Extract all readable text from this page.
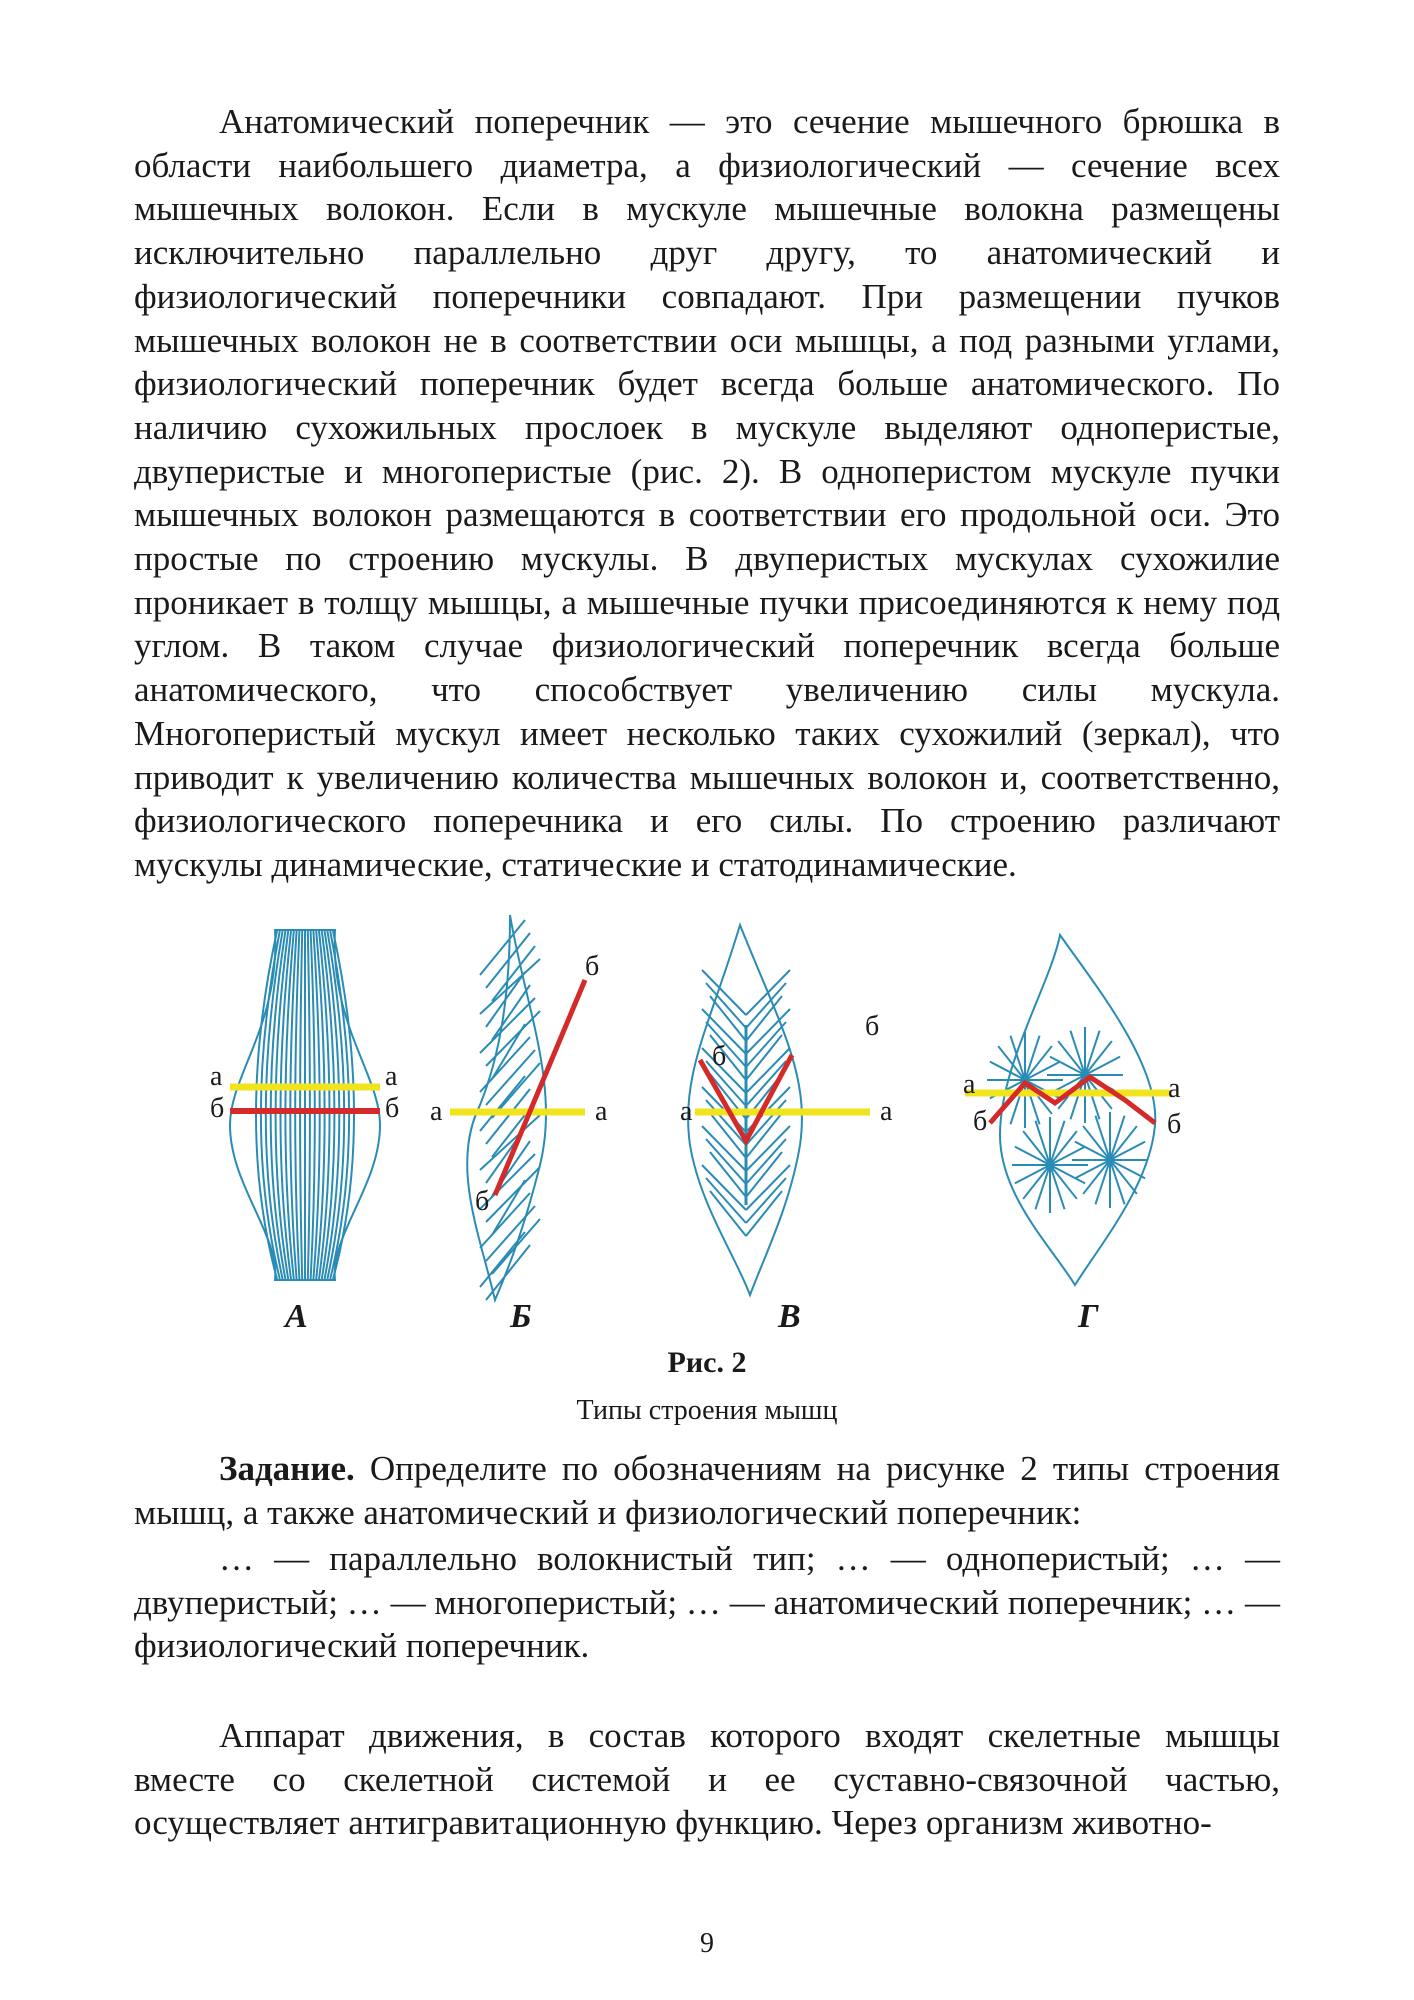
Анатомический поперечник — это сечение мышечного брюшка в области наибольшего диаметра, а физиологический — сечение всех мышечных волокон. Если в мускуле мышечные волокна размещены исключительно параллельно друг другу, то анатомический и физиологический поперечники совпадают. При размещении пучков мышечных волокон не в соответствии оси мышцы, а под разными углами, физиологический поперечник будет всегда больше анатомического. По наличию сухожильных прослоек в мускуле выделяют одноперистые, двуперистые и многоперистые (рис. 2). В одноперистом мускуле пучки мышечных волокон размещаются в соответствии его продольной оси. Это простые по строению мускулы. В двуперистых мускулах сухожилие проникает в толщу мышцы, а мышечные пучки присоединяются к нему под углом. В таком случае физиологический поперечник всегда больше анатомического, что способствует увеличению силы мускула. Многоперистый мускул имеет несколько таких сухожилий (зеркал), что приводит к увеличению количества мышечных волокон и, соответственно, физиологического поперечника и его силы. По строению различают мускулы динамические, статические и статодинамические.

а	а
б	б а	а
б
б
а	а
б
б
а	а
б	б
А	Б	В	Г
Рис. 2
Типы строения мышц

Задание. Определите по обозначениям на рисунке 2 типы строения мышц, а также анатомический и физиологический поперечник:

… — параллельно волокнистый тип; … — одноперистый; … — двуперистый; … — многоперистый; … — анатомический поперечник; … — физиологический поперечник.

Аппарат движения, в состав которого входят скелетные мышцы вместе со скелетной системой и ее суставно-связочной частью, осуществляет антигравитационную функцию. Через организм животно-

9
